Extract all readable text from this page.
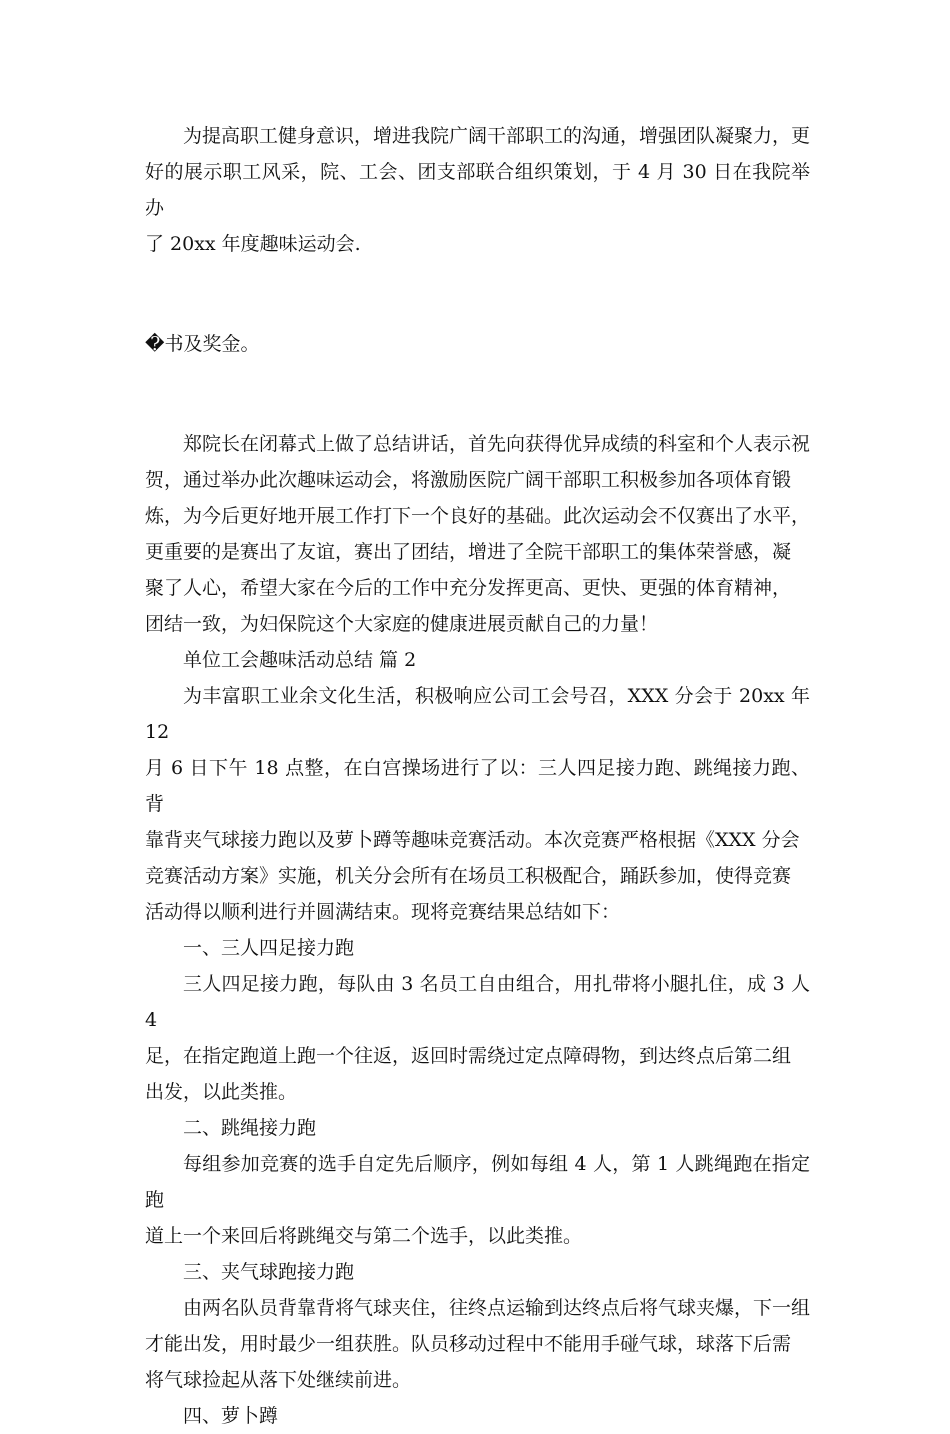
为提高职工健身意识，增进我院广阔干部职工的沟通，增强团队凝聚力，更
好的展示职工风采，院、工会、团支部联合组织策划，于 4 月 30 日在我院举办
了 20xx 年度趣味运动会.

�书及奖金。

郑院长在闭幕式上做了总结讲话，首先向获得优异成绩的科室和个人表示祝
贺，通过举办此次趣味运动会，将激励医院广阔干部职工积极参加各项体育锻
炼，为今后更好地开展工作打下一个良好的基础。此次运动会不仅赛出了水平，
更重要的是赛出了友谊，赛出了团结，增进了全院干部职工的集体荣誉感，凝
聚了人心，希望大家在今后的工作中充分发挥更高、更快、更强的体育精神，
团结一致，为妇保院这个大家庭的健康进展贡献自己的力量！

单位工会趣味活动总结 篇 2

为丰富职工业余文化生活，积极响应公司工会号召，XXX 分会于 20xx 年 12
月 6 日下午 18 点整，在白宫操场进行了以：三人四足接力跑、跳绳接力跑、背
靠背夹气球接力跑以及萝卜蹲等趣味竞赛活动。本次竞赛严格根据《XXX 分会
竞赛活动方案》实施，机关分会所有在场员工积极配合，踊跃参加，使得竞赛
活动得以顺利进行并圆满结束。现将竞赛结果总结如下：

一、三人四足接力跑

三人四足接力跑，每队由 3 名员工自由组合，用扎带将小腿扎住，成 3 人 4
足，在指定跑道上跑一个往返，返回时需绕过定点障碍物，到达终点后第二组
出发，以此类推。

二、跳绳接力跑

每组参加竞赛的选手自定先后顺序，例如每组 4 人，第 1 人跳绳跑在指定跑
道上一个来回后将跳绳交与第二个选手，以此类推。

三、夹气球跑接力跑

由两名队员背靠背将气球夹住，往终点运输到达终点后将气球夹爆，下一组
才能出发，用时最少一组获胜。队员移动过程中不能用手碰气球，球落下后需
将气球捡起从落下处继续前进。

四、萝卜蹲
